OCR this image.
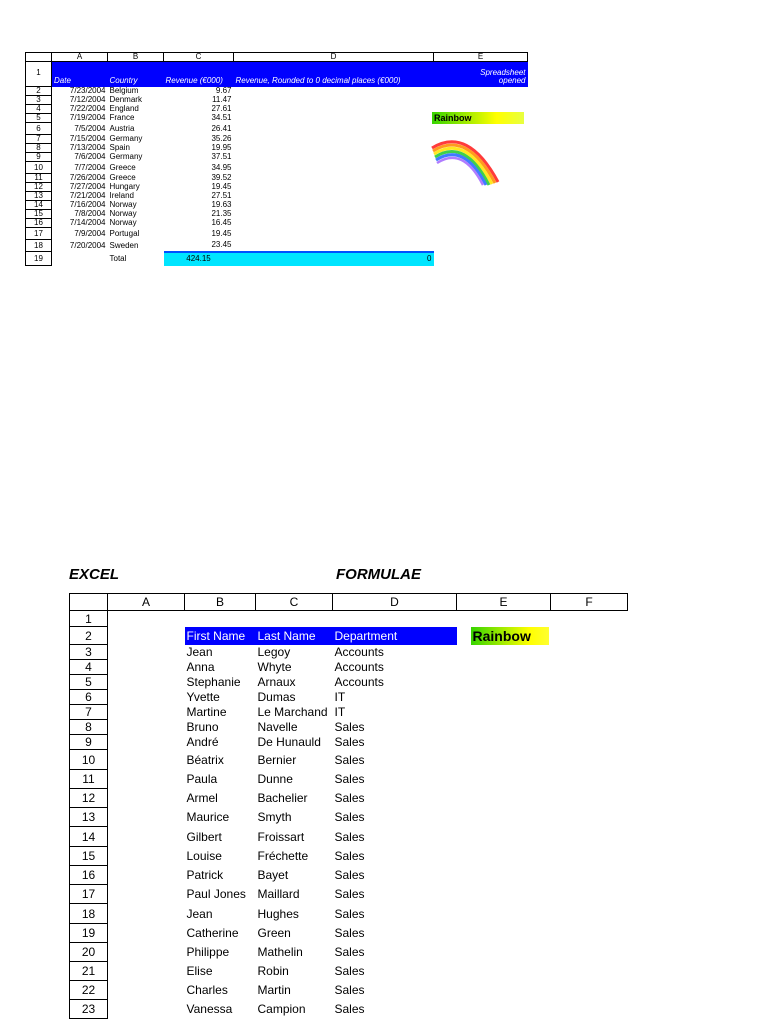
	A	B	C	D	E
1	Date	Country	Revenue (€000)	Revenue, Rounded to 0 decimal places (€000)	Spreadsheet
opened
2	7/23/2004	Belgium	9.67		
3	7/12/2004	Denmark	11.47		
4	7/22/2004	England	27.61		
5	7/19/2004	France	34.51		
6	7/5/2004	Austria	26.41		
7	7/15/2004	Germany	35.26		
8	7/13/2004	Spain	19.95		
9	7/6/2004	Germany	37.51		
10	7/7/2004	Greece	34.95		
11	7/26/2004	Greece	39.52		
12	7/27/2004	Hungary	19.45		
13	7/21/2004	Ireland	27.51		
14	7/16/2004	Norway	19.63		
15	7/8/2004	Norway	21.35		
16	7/14/2004	Norway	16.45		
17	7/9/2004	Portugal	19.45		
18	7/20/2004	Sweden	23.45		
19		Total	424.15	0	
Rainbow
EXCEL	FORMULAE
	A	B	C	D	E	F
1						
2		First Name	Last Name	Department	Rainbow	
3		Jean	Legoy	Accounts		
4		Anna	Whyte	Accounts		
5		Stephanie	Arnaux	Accounts		
6		Yvette	Dumas	IT		
7		Martine	Le Marchand	IT		
8		Bruno	Navelle	Sales		
9		André	De Hunauld	Sales		
10		Béatrix	Bernier	Sales		
11		Paula	Dunne	Sales		
12		Armel	Bachelier	Sales		
13		Maurice	Smyth	Sales		
14		Gilbert	Froissart	Sales		
15		Louise	Fréchette	Sales		
16		Patrick	Bayet	Sales		
17		Paul Jones	Maillard	Sales		
18		Jean	Hughes	Sales		
19		Catherine	Green	Sales		
20		Philippe	Mathelin	Sales		
21		Elise	Robin	Sales		
22		Charles	Martin	Sales		
23		Vanessa	Campion	Sales		
